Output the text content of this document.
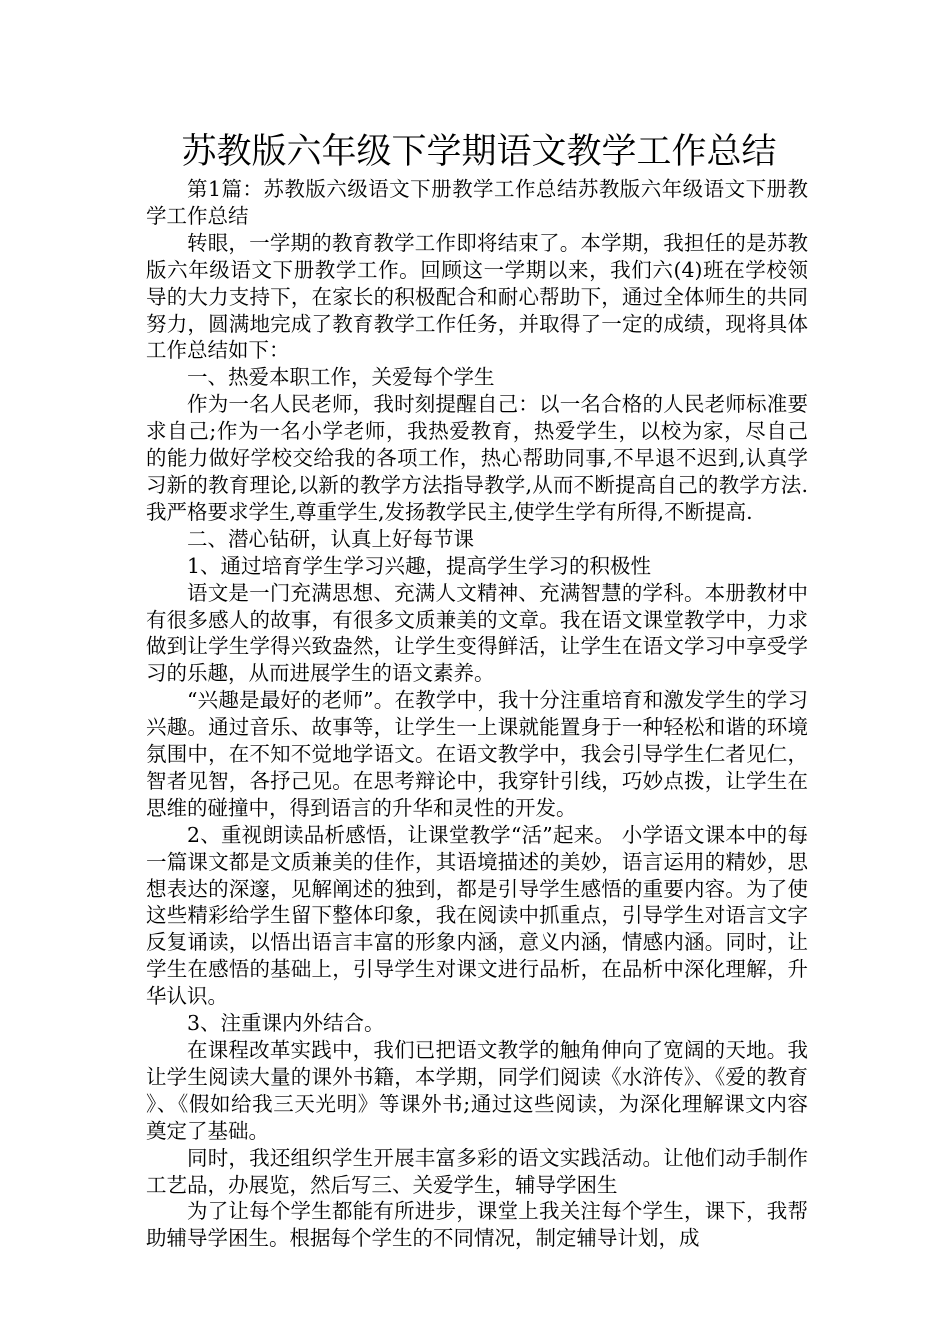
苏教版六年级下学期语文教学工作总结

第1篇：苏教版六级语文下册教学工作总结苏教版六年级语文下册教学工作总结

转眼，一学期的教育教学工作即将结束了。本学期，我担任的是苏教版六年级语文下册教学工作。回顾这一学期以来，我们六(4)班在学校领导的大力支持下，在家长的积极配合和耐心帮助下，通过全体师生的共同努力，圆满地完成了教育教学工作任务，并取得了一定的成绩，现将具体工作总结如下：

一、热爱本职工作，关爱每个学生

作为一名人民老师，我时刻提醒自己：以一名合格的人民老师标准要求自己;作为一名小学老师，我热爱教育，热爱学生，以校为家，尽自己的能力做好学校交给我的各项工作，热心帮助同事,不早退不迟到,认真学习新的教育理论,以新的教学方法指导教学,从而不断提高自己的教学方法.我严格要求学生,尊重学生,发扬教学民主,使学生学有所得,不断提高.

二、潜心钻研，认真上好每节课

1、通过培育学生学习兴趣，提高学生学习的积极性

语文是一门充满思想、充满人文精神、充满智慧的学科。本册教材中有很多感人的故事，有很多文质兼美的文章。我在语文课堂教学中，力求做到让学生学得兴致盎然，让学生变得鲜活，让学生在语文学习中享受学习的乐趣，从而进展学生的语文素养。

“兴趣是最好的老师”。在教学中，我十分注重培育和激发学生的学习兴趣。通过音乐、故事等，让学生一上课就能置身于一种轻松和谐的环境氛围中，在不知不觉地学语文。在语文教学中，我会引导学生仁者见仁，智者见智，各抒己见。在思考辩论中，我穿针引线，巧妙点拨，让学生在思维的碰撞中，得到语言的升华和灵性的开发。

2、重视朗读品析感悟，让课堂教学“活”起来。 小学语文课本中的每一篇课文都是文质兼美的佳作，其语境描述的美妙，语言运用的精妙，思想表达的深邃，见解阐述的独到，都是引导学生感悟的重要内容。为了使这些精彩给学生留下整体印象，我在阅读中抓重点，引导学生对语言文字反复诵读，以悟出语言丰富的形象内涵，意义内涵，情感内涵。同时，让学生在感悟的基础上，引导学生对课文进行品析，在品析中深化理解，升华认识。

3、注重课内外结合。

在课程改革实践中，我们已把语文教学的触角伸向了宽阔的天地。我让学生阅读大量的课外书籍，本学期，同学们阅读《水浒传》、《爱的教育》、《假如给我三天光明》等课外书;通过这些阅读，为深化理解课文内容奠定了基础。

同时，我还组织学生开展丰富多彩的语文实践活动。让他们动手制作工艺品，办展览，然后写三、关爱学生，辅导学困生

为了让每个学生都能有所进步，课堂上我关注每个学生，课下，我帮助辅导学困生。根据每个学生的不同情况，制定辅导计划，成
